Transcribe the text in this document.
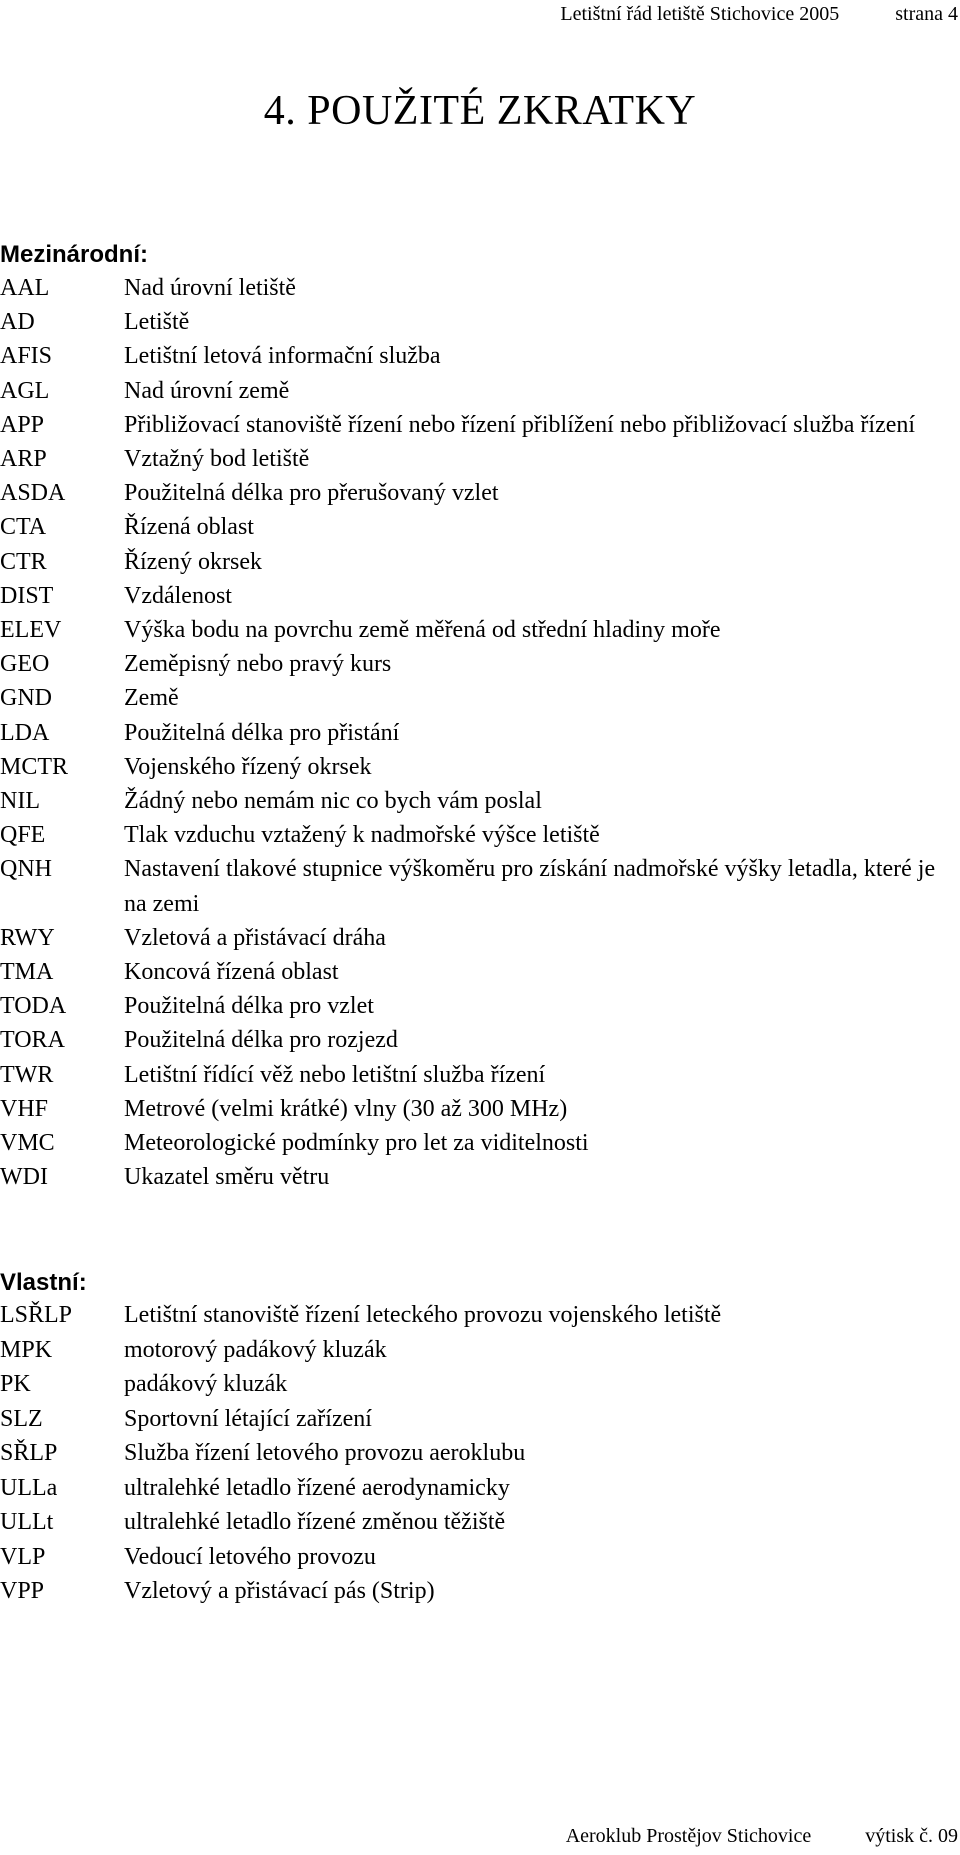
Letištní řád letiště Stichovice 2005	strana 4
4. POUŽITÉ ZKRATKY
Mezinárodní:
AAL	Nad úrovní letiště
AD	Letiště
AFIS	Letištní letová informační služba
AGL	Nad úrovní země
APP	Přibližovací stanoviště řízení nebo řízení přiblížení nebo přibližovací služba řízení
ARP	Vztažný bod letiště
ASDA	Použitelná délka pro přerušovaný vzlet
CTA	Řízená oblast
CTR	Řízený okrsek
DIST	Vzdálenost
ELEV	Výška bodu na povrchu země měřená od střední hladiny moře
GEO	Zeměpisný nebo pravý kurs
GND	Země
LDA	Použitelná délka pro přistání
MCTR	Vojenského řízený okrsek
NIL	Žádný nebo nemám nic co bych vám poslal
QFE	Tlak vzduchu vztažený k nadmořské výšce letiště
QNH	Nastavení tlakové stupnice výškoměru pro získání nadmořské výšky letadla, které je na zemi
RWY	Vzletová a přistávací dráha
TMA	Koncová řízená oblast
TODA	Použitelná délka pro vzlet
TORA	Použitelná délka pro rozjezd
TWR	Letištní řídící věž nebo letištní služba řízení
VHF	Metrové (velmi krátké) vlny (30 až 300 MHz)
VMC	Meteorologické podmínky pro let za viditelnosti
WDI	Ukazatel směru větru
Vlastní:
LSŘLP	Letištní stanoviště řízení leteckého provozu vojenského letiště
MPK	motorový padákový kluzák
PK	padákový kluzák
SLZ	Sportovní létající zařízení
SŘLP	Služba řízení letového provozu aeroklubu
ULLa	ultralehké letadlo řízené aerodynamicky
ULLt	ultralehké letadlo řízené změnou těžiště
VLP	Vedoucí letového provozu
VPP	Vzletový a přistávací pás (Strip)
Aeroklub Prostějov Stichovice	výtisk č. 09
